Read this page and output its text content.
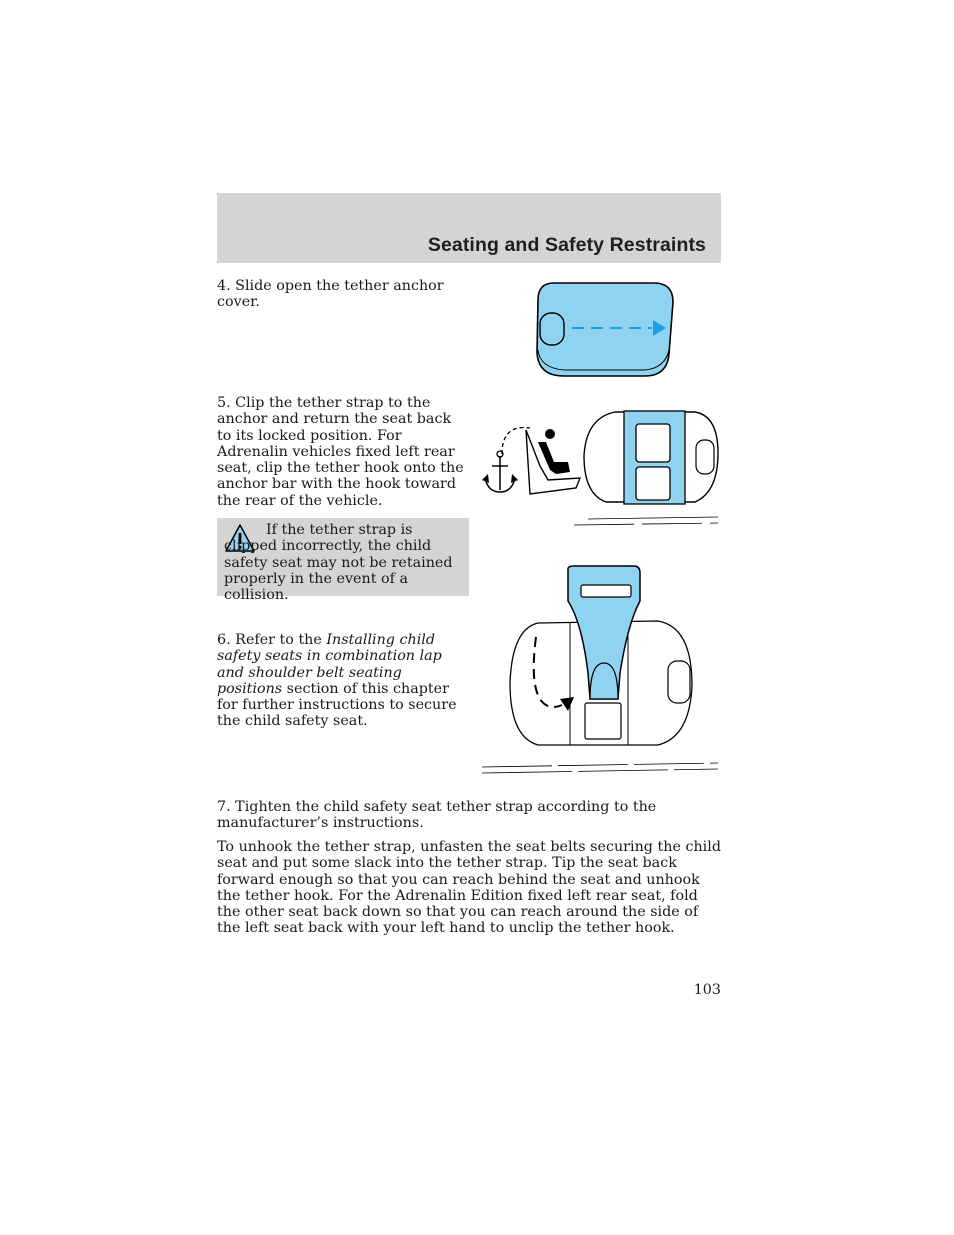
Seating and Safety Restraints

4. Slide open the tether anchor cover.

5. Clip the tether strap to the anchor and return the seat back to its locked position. For Adrenalin vehicles fixed left rear seat, clip the tether hook onto the anchor bar with the hook toward the rear of the vehicle.

If the tether strap is clipped incorrectly, the child safety seat may not be retained properly in the event of a collision.

6. Refer to the Installing child safety seats in combination lap and shoulder belt seating positions section of this chapter for further instructions to secure the child safety seat.

7. Tighten the child safety seat tether strap according to the manufacturer’s instructions.

To unhook the tether strap, unfasten the seat belts securing the child seat and put some slack into the tether strap. Tip the seat back forward enough so that you can reach behind the seat and unhook the tether hook. For the Adrenalin Edition fixed left rear seat, fold the other seat back down so that you can reach around the side of the left seat back with your left hand to unclip the tether hook.

103
